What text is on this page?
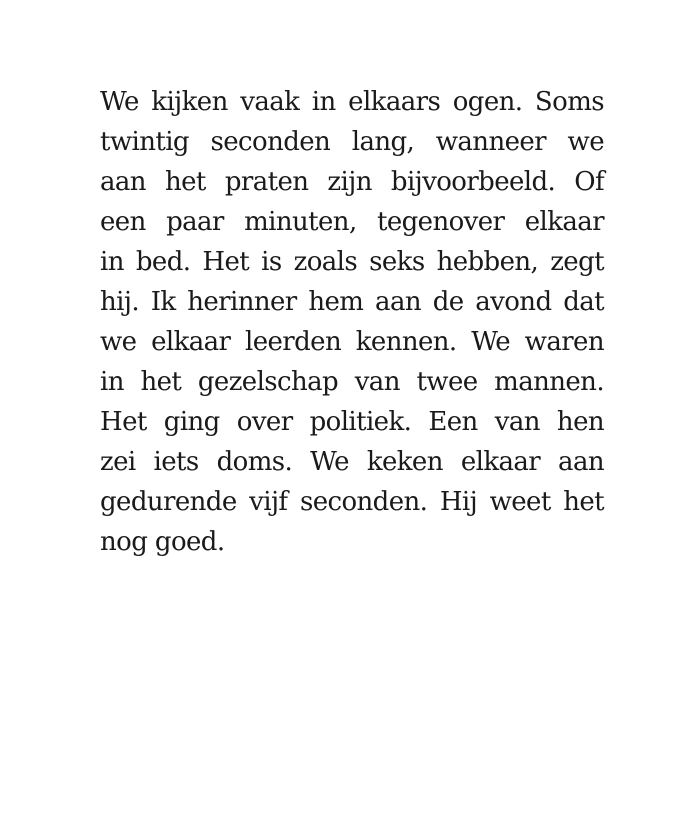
We kijken vaak in elkaars ogen. Soms
twintig seconden lang, wanneer we
aan het praten zijn bijvoorbeeld. Of
een paar minuten, tegenover elkaar
in bed. Het is zoals seks hebben, zegt
hij. Ik herinner hem aan de avond dat
we elkaar leerden kennen. We waren
in het gezelschap van twee mannen.
Het ging over politiek. Een van hen
zei iets doms. We keken elkaar aan
gedurende vijf seconden. Hij weet het
nog goed.
